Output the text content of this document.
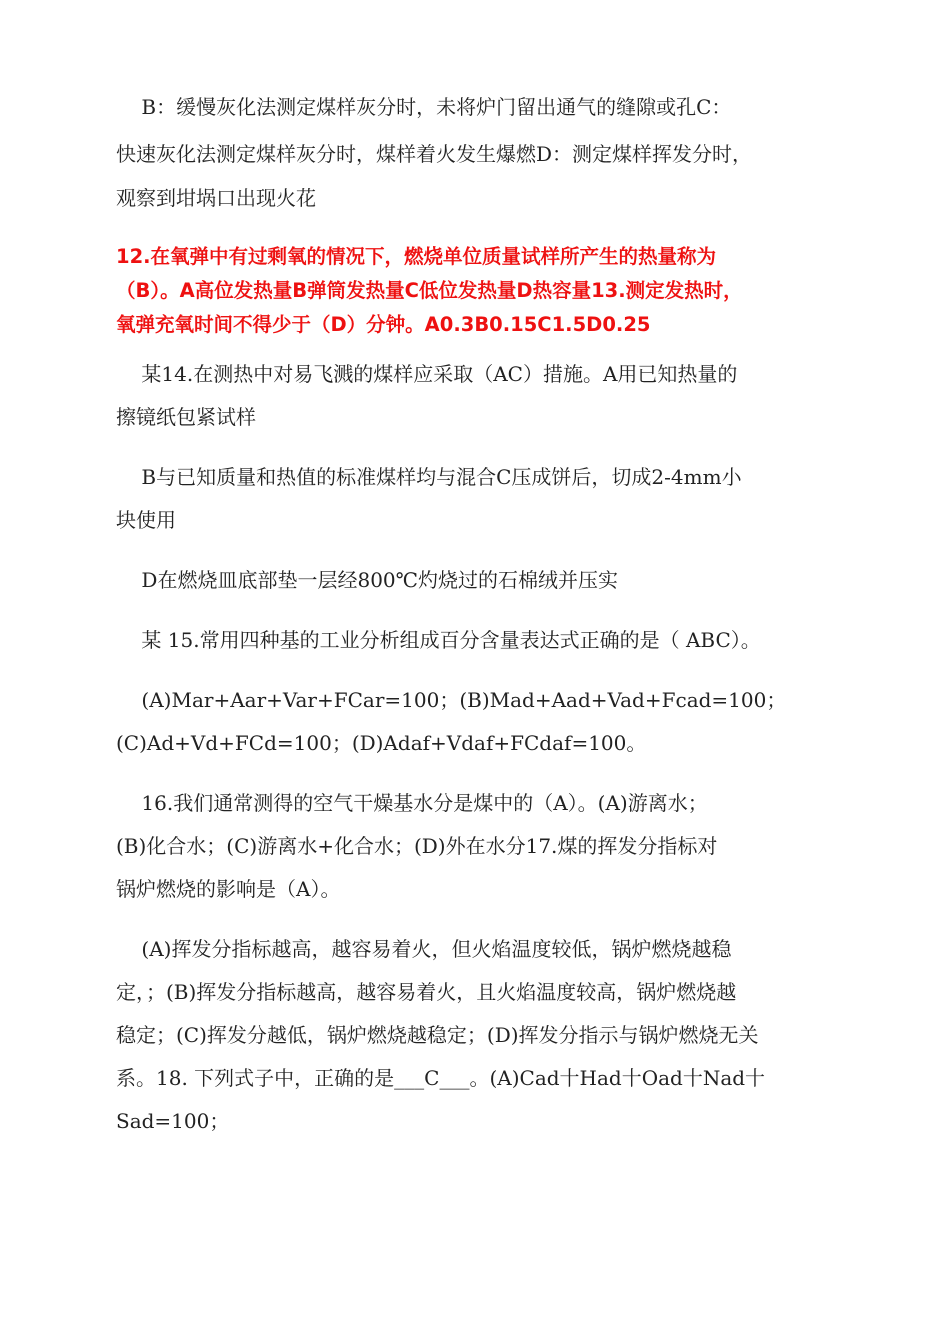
B：缓慢灰化法测定煤样灰分时，未将炉门留出通气的缝隙或孔C：

快速灰化法测定煤样灰分时，煤样着火发生爆燃D：测定煤样挥发分时，

观察到坩埚口出现火花

12.在氧弹中有过剩氧的情况下，燃烧单位质量试样所产生的热量称为

（B）。A高位发热量B弹筒发热量C低位发热量D热容量13.测定发热时，

氧弹充氧时间不得少于（D）分钟。A0.3B0.15C1.5D0.25

某14.在测热中对易飞溅的煤样应采取（AC）措施。A用已知热量的

擦镜纸包紧试样

B与已知质量和热值的标准煤样均与混合C压成饼后，切成2-4mm小

块使用

D在燃烧皿底部垫一层经800℃灼烧过的石棉绒并压实

某 15.常用四种基的工业分析组成百分含量表达式正确的是（ ABC）。

(A)Mar+Aar+Var+FCar=100；(B)Mad+Aad+Vad+Fcad=100；

(C)Ad+Vd+FCd=100；(D)Adaf+Vdaf+FCdaf=100。

16.我们通常测得的空气干燥基水分是煤中的（A）。(A)游离水；

(B)化合水；(C)游离水+化合水；(D)外在水分17.煤的挥发分指标对

锅炉燃烧的影响是（A）。

(A)挥发分指标越高，越容易着火，但火焰温度较低，锅炉燃烧越稳

定，；(B)挥发分指标越高，越容易着火，且火焰温度较高，锅炉燃烧越

稳定；(C)挥发分越低，锅炉燃烧越稳定；(D)挥发分指示与锅炉燃烧无关

系。18. 下列式子中，正确的是___C___。(A)Cad十Had十Oad十Nad十

Sad=100；
